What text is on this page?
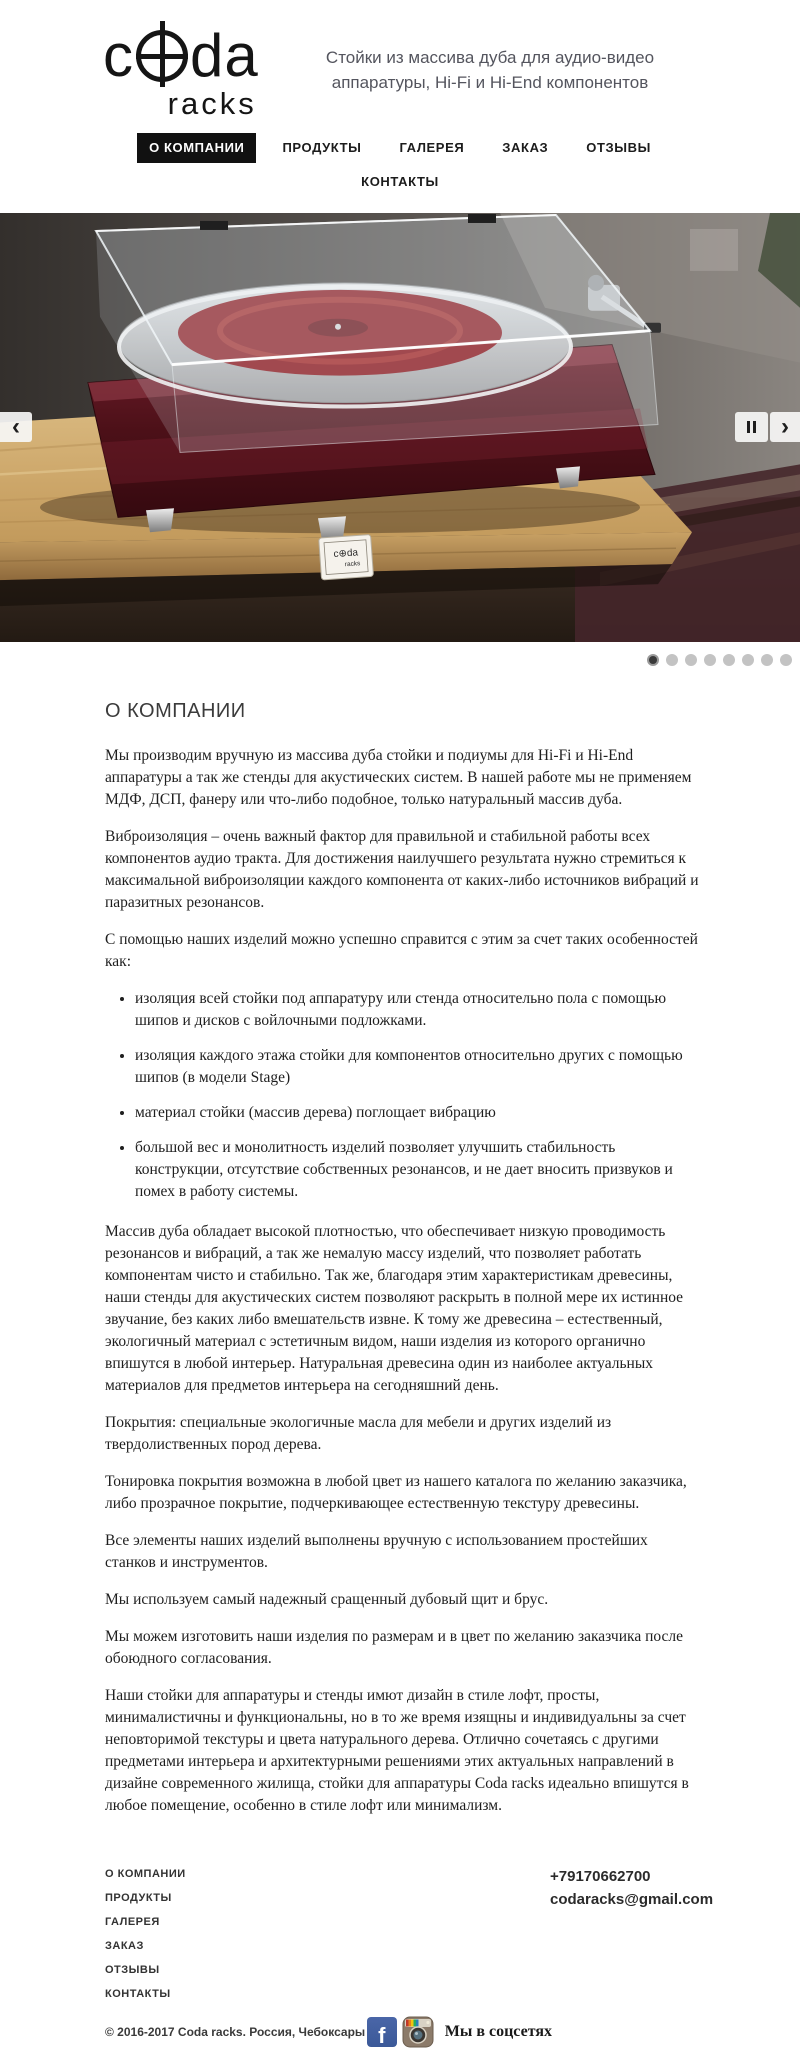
c da
racks
Стойки из массива дуба для аудио-видео аппаратуры, Hi-Fi и Hi-End компонентов
О КОМПАНИИ	ПРОДУКТЫ	ГАЛЕРЕЯ	ЗАКАЗ	ОТЗЫВЫ
КОНТАКТЫ
c⊕da
racks
‹	›
О КОМПАНИИ

Мы производим вручную из массива дуба стойки и подиумы для Hi-Fi и Hi-End аппаратуры а так же стенды для акустических систем. В нашей работе мы не применяем МДФ, ДСП, фанеру или что-либо подобное, только натуральный массив дуба.

Виброизоляция – очень важный фактор для правильной и стабильной работы всех компонентов аудио тракта. Для достижения наилучшего результата нужно стремиться к максимальной виброизоляции каждого компонента от каких-либо источников вибраций и паразитных резонансов.

С помощью наших изделий можно успешно справится с этим за счет таких особенностей как:

• изоляция всей стойки под аппаратуру или стенда относительно пола с помощью шипов и дисков с войлочными подложками.
• изоляция каждого этажа стойки для компонентов относительно других с помощью шипов (в модели Stage)
• материал стойки (массив дерева) поглощает вибрацию
• большой вес и монолитность изделий позволяет улучшить стабильность конструкции, отсутствие собственных резонансов, и не дает вносить призвуков и помех в работу системы.

Массив дуба обладает высокой плотностью, что обеспечивает низкую проводимость резонансов и вибраций, а так же немалую массу изделий, что позволяет работать компонентам чисто и стабильно. Так же, благодаря этим характеристикам древесины, наши стенды для акустических систем позволяют раскрыть в полной мере их истинное звучание, без каких либо вмешательств извне. К тому же древесина – естественный, экологичный материал с эстетичным видом, наши изделия из которого органично впишутся в любой интерьер. Натуральная древесина один из наиболее актуальных материалов для предметов интерьера на сегодняшний день.

Покрытия: специальные экологичные масла для мебели и других изделий из твердолиственных пород дерева.

Тонировка покрытия возможна в любой цвет из нашего каталога по желанию заказчика, либо прозрачное покрытие, подчеркивающее естественную текстуру древесины.

Все элементы наших изделий выполнены вручную с использованием простейших станков и инструментов.

Мы используем самый надежный сращенный дубовый щит и брус.

Мы можем изготовить наши изделия по размерам и в цвет по желанию заказчика после обоюдного согласования.

Наши стойки для аппаратуры и стенды имют дизайн в стиле лофт, просты, минималистичны и функциональны, но в то же время изящны и индивидуальны за счет неповторимой текстуры и цвета натурального дерева. Отлично сочетаясь с другими предметами интерьера и архитектурными решениями этих актуальных направлений в дизайне современного жилища, стойки для аппаратуры Coda racks идеально впишутся в любое помещение, особенно в стиле лофт или минимализм.

О КОМПАНИИ
ПРОДУКТЫ
ГАЛЕРЕЯ
ЗАКАЗ
ОТЗЫВЫ
КОНТАКТЫ
+79170662700
codaracks@gmail.com
© 2016-2017 Coda racks. Россия, Чебоксары f	Мы в соцсетях
